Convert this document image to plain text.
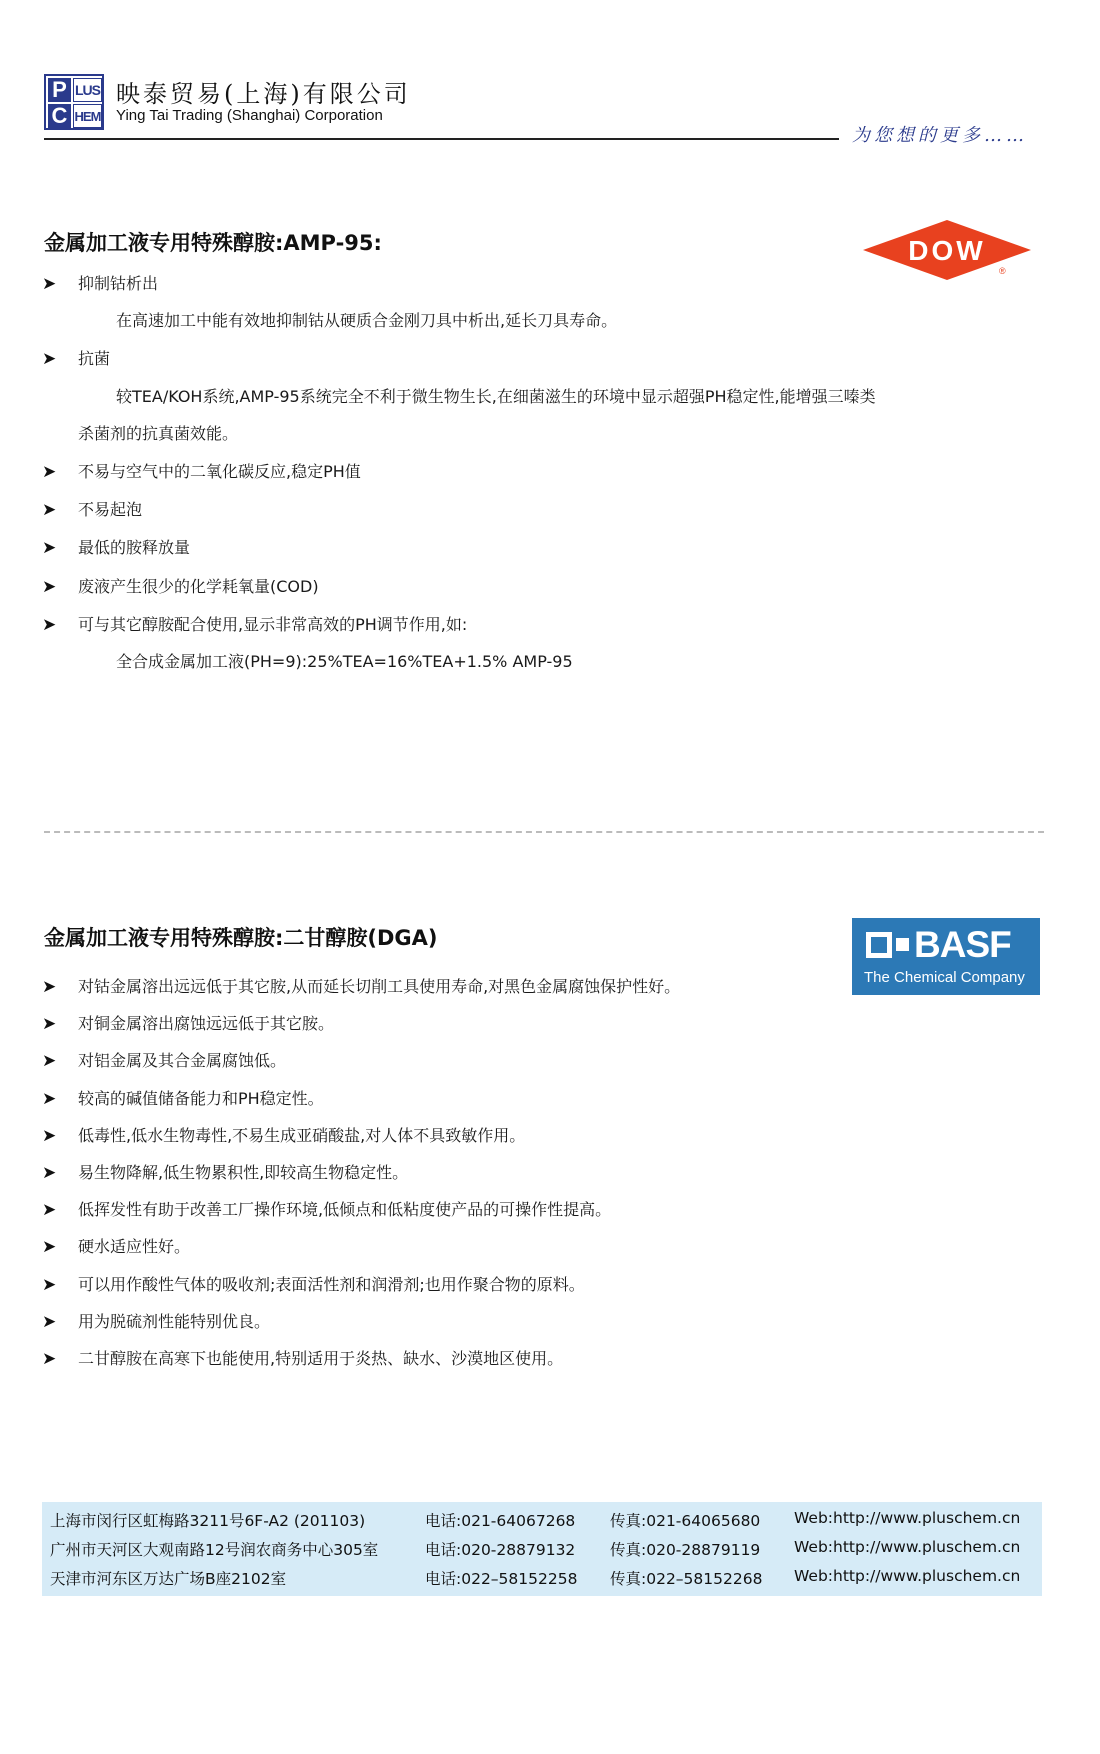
P LUS
C HEM
映泰贸易(上海)有限公司
Ying Tai Trading (Shanghai) Corporation
为您想的更多……
金属加工液专用特殊醇胺:AMP-95:	DOW
®
➤	抑制钴析出
在高速加工中能有效地抑制钴从硬质合金刚刀具中析出,延长刀具寿命。
➤	抗菌
较TEA/KOH系统,AMP-95系统完全不利于微生物生长,在细菌滋生的环境中显示超强PH稳定性,能增强三嗪类
杀菌剂的抗真菌效能。
➤	不易与空气中的二氧化碳反应,稳定PH值
➤	不易起泡
➤	最低的胺释放量
➤	废液产生很少的化学耗氧量(COD)
➤	可与其它醇胺配合使用,显示非常高效的PH调节作用,如:
全合成金属加工液(PH=9):25%TEA=16%TEA+1.5% AMP-95
金属加工液专用特殊醇胺:二甘醇胺(DGA)	BASF
The Chemical Company
➤	对钴金属溶出远远低于其它胺,从而延长切削工具使用寿命,对黑色金属腐蚀保护性好。
➤	对铜金属溶出腐蚀远远低于其它胺。
➤	对铝金属及其合金属腐蚀低。
➤	较高的碱值储备能力和PH稳定性。
➤	低毒性,低水生物毒性,不易生成亚硝酸盐,对人体不具致敏作用。
➤	易生物降解,低生物累积性,即较高生物稳定性。
➤	低挥发性有助于改善工厂操作环境,低倾点和低粘度使产品的可操作性提高。
➤	硬水适应性好。
➤	可以用作酸性气体的吸收剂;表面活性剂和润滑剂;也用作聚合物的原料。
➤	用为脱硫剂性能特别优良。
➤	二甘醇胺在高寒下也能使用,特别适用于炎热、缺水、沙漠地区使用。
上海市闵行区虹梅路3211号6F-A2 (201103)	电话:021-64067268 传真:021-64065680 Web:http://www.pluschem.cn
广州市天河区大观南路12号润农商务中心305室	电话:020-28879132 传真:020-28879119 Web:http://www.pluschem.cn
天津市河东区万达广场B座2102室	电话:022–58152258 传真:022–58152268 Web:http://www.pluschem.cn
